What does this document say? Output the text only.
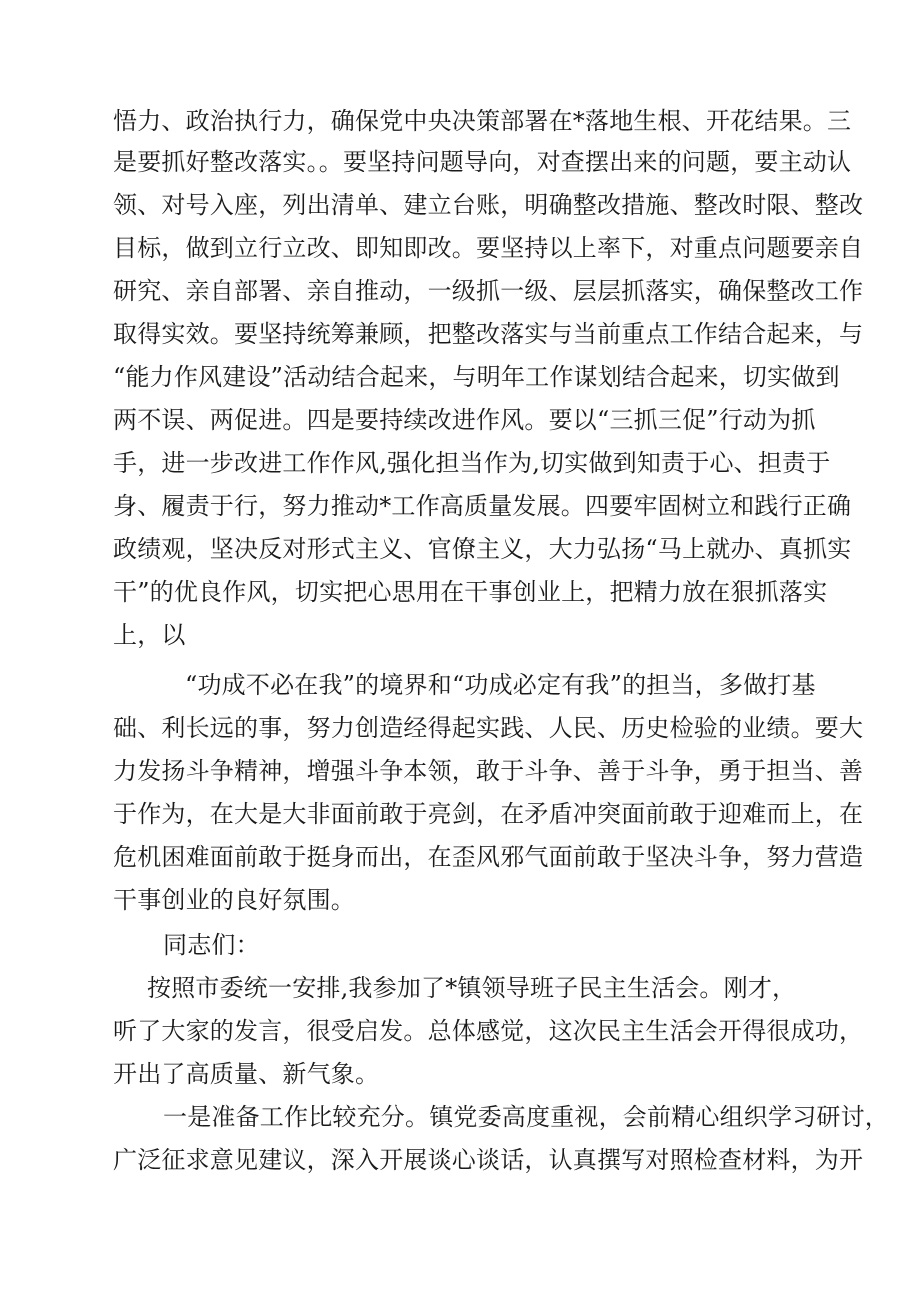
悟力、政治执行力，确保党中央决策部署在*落地生根、开花结果。三
是要抓好整改落实。。要坚持问题导向，对查摆出来的问题，要主动认
领、对号入座，列出清单、建立台账，明确整改措施、整改时限、整改
目标，做到立行立改、即知即改。要坚持以上率下，对重点问题要亲自
研究、亲自部署、亲自推动，一级抓一级、层层抓落实，确保整改工作
取得实效。要坚持统筹兼顾，把整改落实与当前重点工作结合起来，与
“能力作风建设”活动结合起来，与明年工作谋划结合起来，切实做到
两不误、两促进。四是要持续改进作风。要以“三抓三促”行动为抓
手，进一步改进工作作风,强化担当作为,切实做到知责于心、担责于
身、履责于行，努力推动*工作高质量发展。四要牢固树立和践行正确
政绩观，坚决反对形式主义、官僚主义，大力弘扬“马上就办、真抓实
干”的优良作风，切实把心思用在干事创业上，把精力放在狠抓落实
上，以
“功成不必在我”的境界和“功成必定有我”的担当，多做打基
础、利长远的事，努力创造经得起实践、人民、历史检验的业绩。要大
力发扬斗争精神，增强斗争本领，敢于斗争、善于斗争，勇于担当、善
于作为，在大是大非面前敢于亮剑，在矛盾冲突面前敢于迎难而上，在
危机困难面前敢于挺身而出，在歪风邪气面前敢于坚决斗争，努力营造
干事创业的良好氛围。
同志们：
按照市委统一安排,我参加了*镇领导班子民主生活会。刚才，
听了大家的发言，很受启发。总体感觉，这次民主生活会开得很成功，
开出了高质量、新气象。
一是准备工作比较充分。镇党委高度重视，会前精心组织学习研讨，
广泛征求意见建议，深入开展谈心谈话，认真撰写对照检查材料，为开
